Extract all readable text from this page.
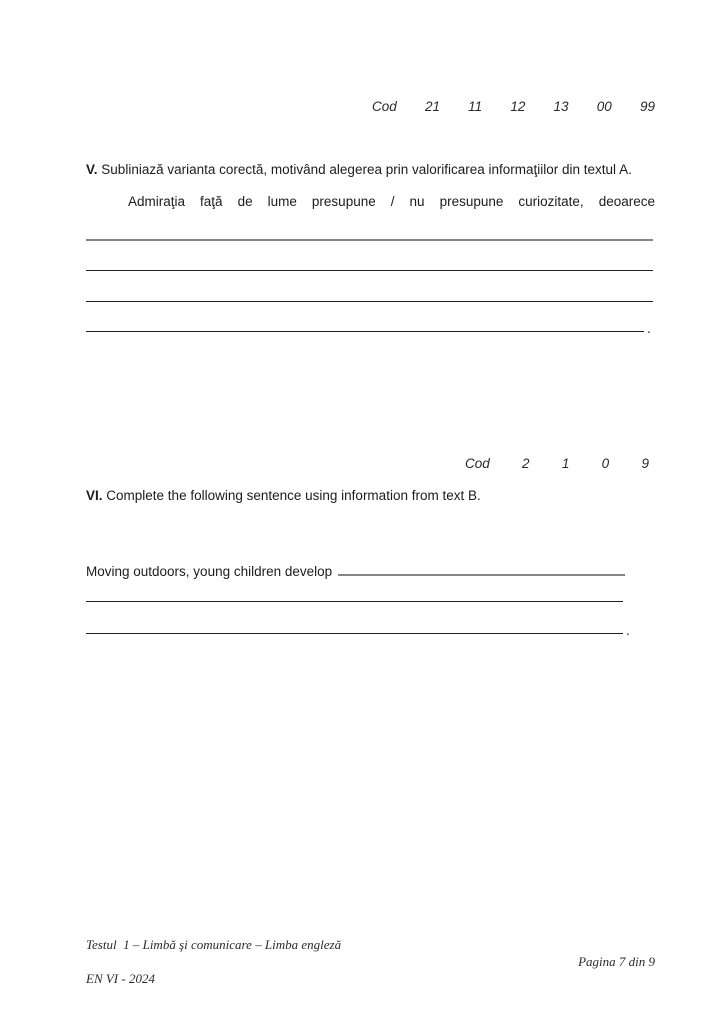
Cod 21 11 12 13 00 99
V. Subliniază varianta corectă, motivând alegerea prin valorificarea informaţiilor din textul A.
Admiraţia faţă de lume presupune / nu presupune curiozitate, deoarece
.
Cod 2 1 0 9
VI. Complete the following sentence using information from text B.
Moving outdoors, young children develop
.
Testul  1 – Limbă şi comunicare – Limba engleză
Pagina 7 din 9
EN VI - 2024
